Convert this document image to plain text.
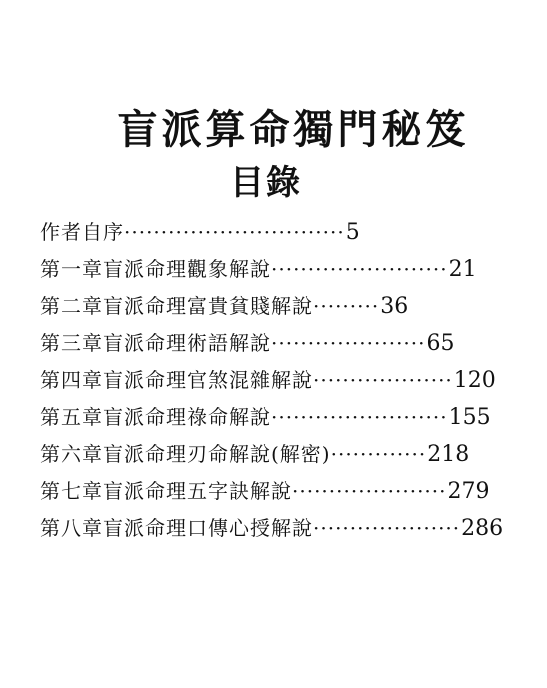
盲派算命獨門秘笈
目錄
作者自序······························5
第一章盲派命理觀象解說························21
第二章盲派命理富貴貧賤解說·········36
第三章盲派命理術語解說·····················65
第四章盲派命理官煞混雜解說···················120
第五章盲派命理祿命解說························155
第六章盲派命理刃命解說(解密)·············218
第七章盲派命理五字訣解說·····················279
第八章盲派命理口傳心授解說····················286
